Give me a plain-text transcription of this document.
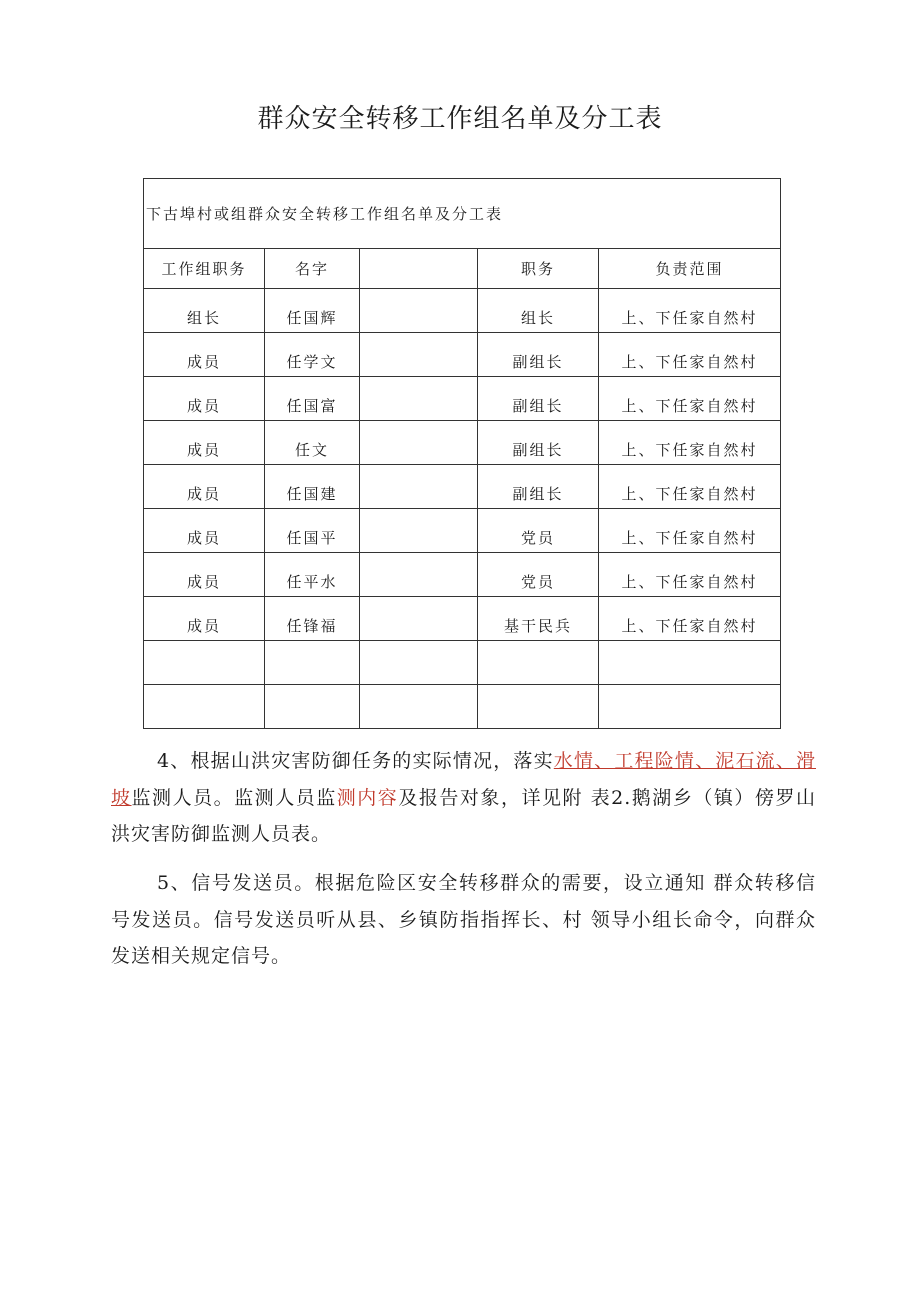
群众安全转移工作组名单及分工表
下古埠村或组群众安全转移工作组名单及分工表				
工作组职务	名字		职务	负责范围
组长	任国辉		组长	上、下任家自然村
成员	任学文		副组长	上、下任家自然村
成员	任国富		副组长	上、下任家自然村
成员	任文		副组长	上、下任家自然村
成员	任国建		副组长	上、下任家自然村
成员	任国平		党员	上、下任家自然村
成员	任平水		党员	上、下任家自然村
成员	任锋福		基干民兵	上、下任家自然村

4、根据山洪灾害防御任务的实际情况，落实水情、工程险情、泥石流、滑坡监测人员。监测人员监测内容及报告对象，详见附 表2.鹅湖乡（镇）傍罗山洪灾害防御监测人员表。
5、信号发送员。根据危险区安全转移群众的需要，设立通知 群众转移信号发送员。信号发送员听从县、乡镇防指指挥长、村 领导小组长命令，向群众发送相关规定信号。
